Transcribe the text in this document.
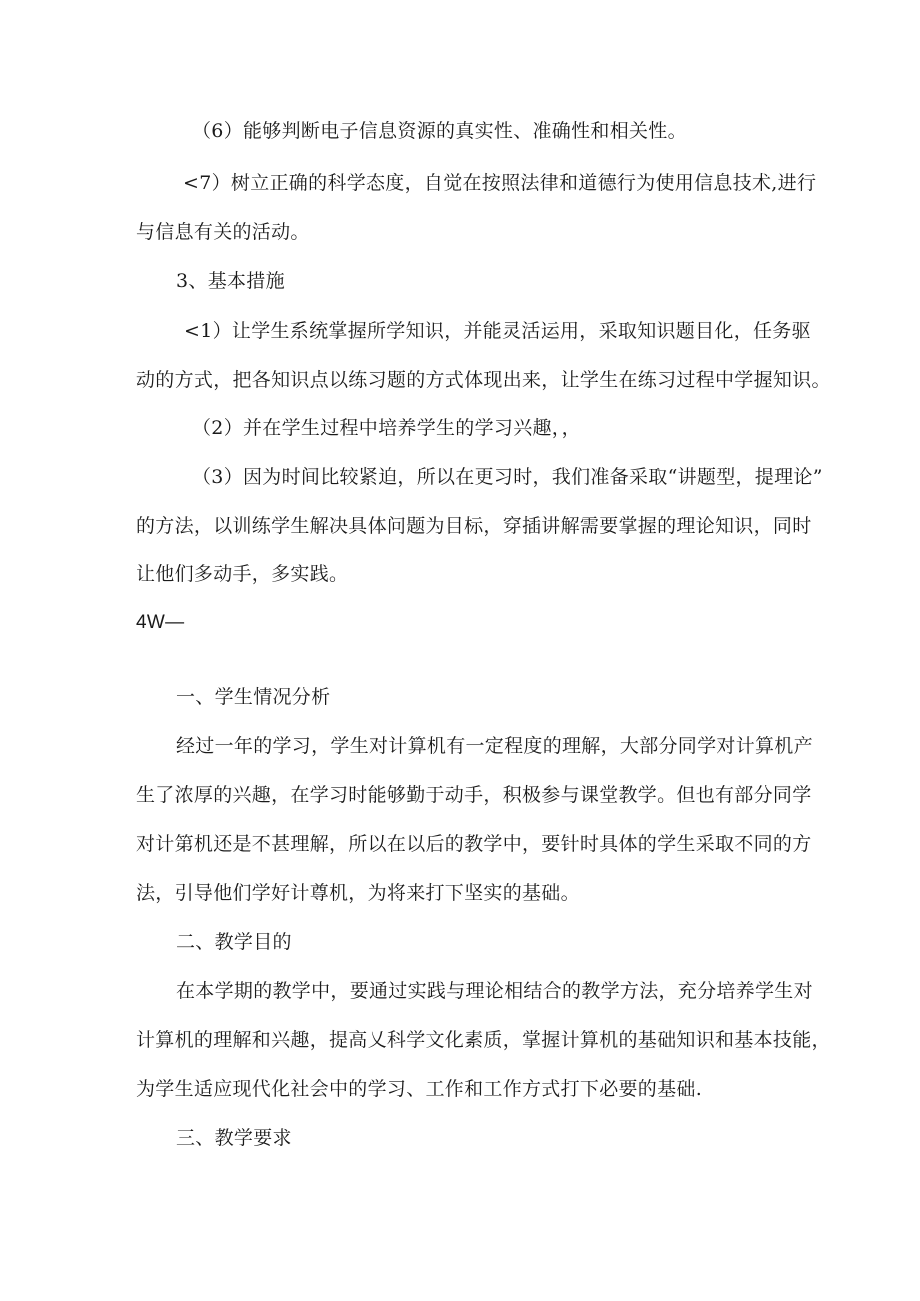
（6）能够判断电子信息资源的真实性、准确性和相关性。
<7）树立正确的科学态度，自觉在按照法律和道德行为使用信息技术,进行
与信息有关的活动。
3、基本措施
<1）让学生系统掌握所学知识，并能灵活运用，采取知识题目化，任务驱
动的方式，把各知识点以练习题的方式体现出来，让学生在练习过程中学握知识。
（2）并在学生过程中培养学生的学习兴趣，，
（3）因为时间比较紧迫，所以在更习时，我们准备采取“讲题型，提理论”
的方法，以训练学生解决具体问题为目标，穿插讲解需要掌握的理论知识，同时
让他们多动手，多实践。
4W—
一、学生情况分析
经过一年的学习，学生对计算机有一定程度的理解，大部分同学对计算机产
生了浓厚的兴趣，在学习时能够勤于动手，积极参与课堂教学。但也有部分同学
对计第机还是不甚理解，所以在以后的教学中，要针时具体的学生采取不同的方
法，引导他们学好计尊机，为将来打下坚实的基础。
二、教学目的
在本学期的教学中，要通过实践与理论相结合的教学方法，充分培养学生对
计算机的理解和兴趣，提高乂科学文化素质，掌握计算机的基础知识和基本技能，
为学生适应现代化社会中的学习、工作和工作方式打下必要的基础.
三、教学要求
